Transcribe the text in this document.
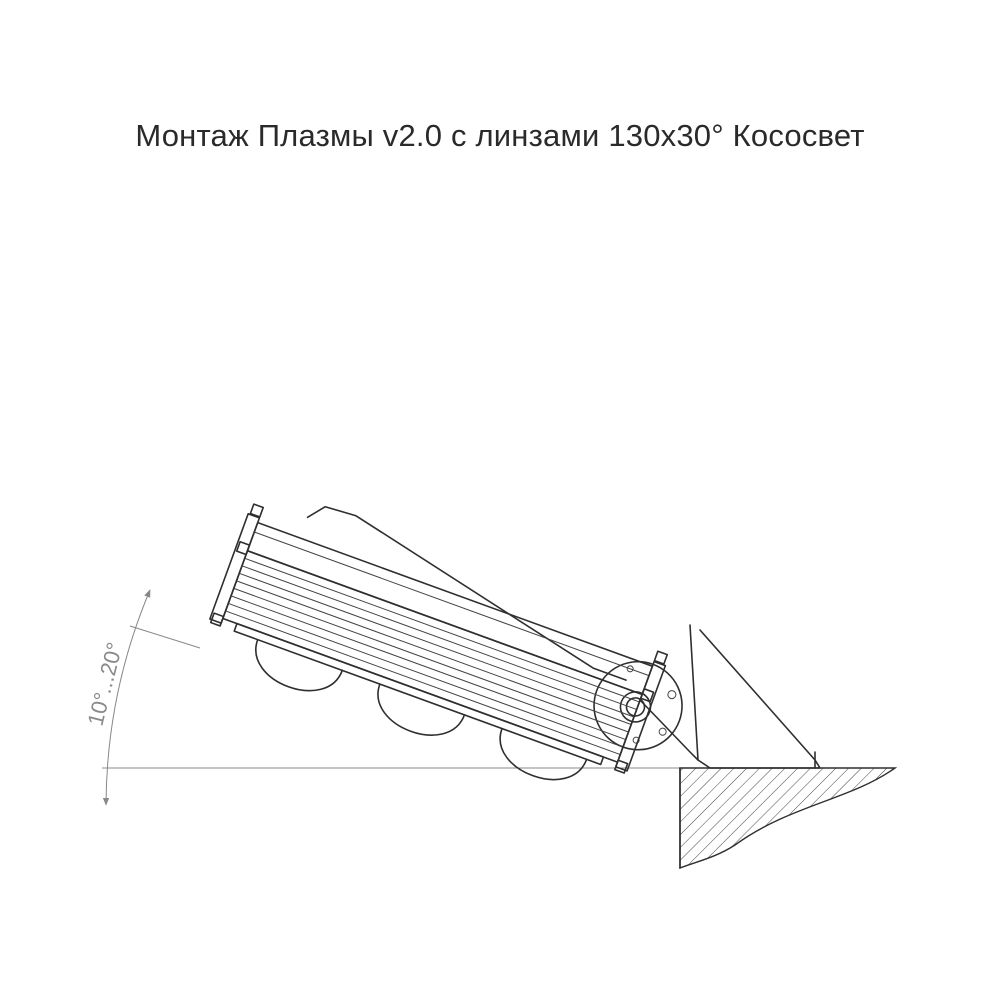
Монтаж Плазмы v2.0 с линзами 130x30° Кососвет
10°...20°
